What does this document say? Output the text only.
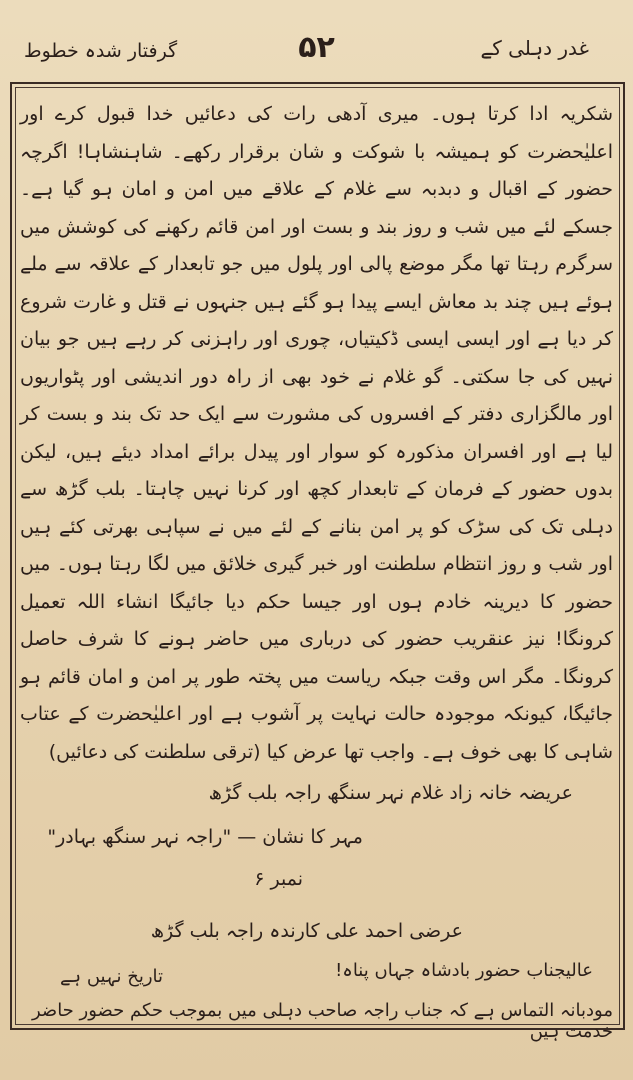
غدر دہلی کے
۵۲
گرفتار شدہ خطوط

شکریہ ادا کرتا ہوں۔ میری آدھی رات کی دعائیں خدا قبول کرے اور اعلیٰحضرت کو ہمیشہ با شوکت و شان برقرار رکھے۔ شاہنشاہا! اگرچہ حضور کے اقبال و دبدبہ سے غلام کے علاقے میں امن و امان ہو گیا ہے۔ جسکے لئے میں شب و روز بند و بست اور امن قائم رکھنے کی کوشش میں سرگرم رہتا تھا مگر موضع پالی اور پلول میں جو تابعدار کے علاقہ سے ملے ہوئے ہیں چند بد معاش ایسے پیدا ہو گئے ہیں جنہوں نے قتل و غارت شروع کر دیا ہے اور ایسی ایسی ڈکیتیاں، چوری اور راہزنی کر رہے ہیں جو بیان نہیں کی جا سکتی۔ گو غلام نے خود بھی از راہ دور اندیشی اور پٹواریوں اور مالگزاری دفتر کے افسروں کی مشورت سے ایک حد تک بند و بست کر لیا ہے اور افسران مذکورہ کو سوار اور پیدل برائے امداد دیئے ہیں، لیکن بدوں حضور کے فرمان کے تابعدار کچھ اور کرنا نہیں چاہتا۔ بلب گڑھ سے دہلی تک کی سڑک کو پر امن بنانے کے لئے میں نے سپاہی بھرتی کئے ہیں اور شب و روز انتظام سلطنت اور خبر گیری خلائق میں لگا رہتا ہوں۔ میں حضور کا دیرینہ خادم ہوں اور جیسا حکم دیا جائیگا انشاء اللہ تعمیل کرونگا! نیز عنقریب حضور کی درباری میں حاضر ہونے کا شرف حاصل کرونگا۔ مگر اس وقت جبکہ ریاست میں پختہ طور پر امن و امان قائم ہو جائیگا، کیونکہ موجودہ حالت نہایت پر آشوب ہے اور اعلیٰحضرت کے عتاب شاہی کا بھی خوف ہے۔ واجب تھا عرض کیا (ترقی سلطنت کی دعائیں)

عریضہ خانہ زاد غلام نہر سنگھ راجہ بلب گڑھ
مہر کا نشان — "راجہ نہر سنگھ بہادر"
نمبر ۶
عرضی احمد علی کارندہ راجہ بلب گڑھ
عالیجناب حضور بادشاہ جہاں پناہ!
تاریخ نہیں ہے
مودبانہ التماس ہے کہ جناب راجہ صاحب دہلی میں بموجب حکم حضور حاضر خدمت ہیں
